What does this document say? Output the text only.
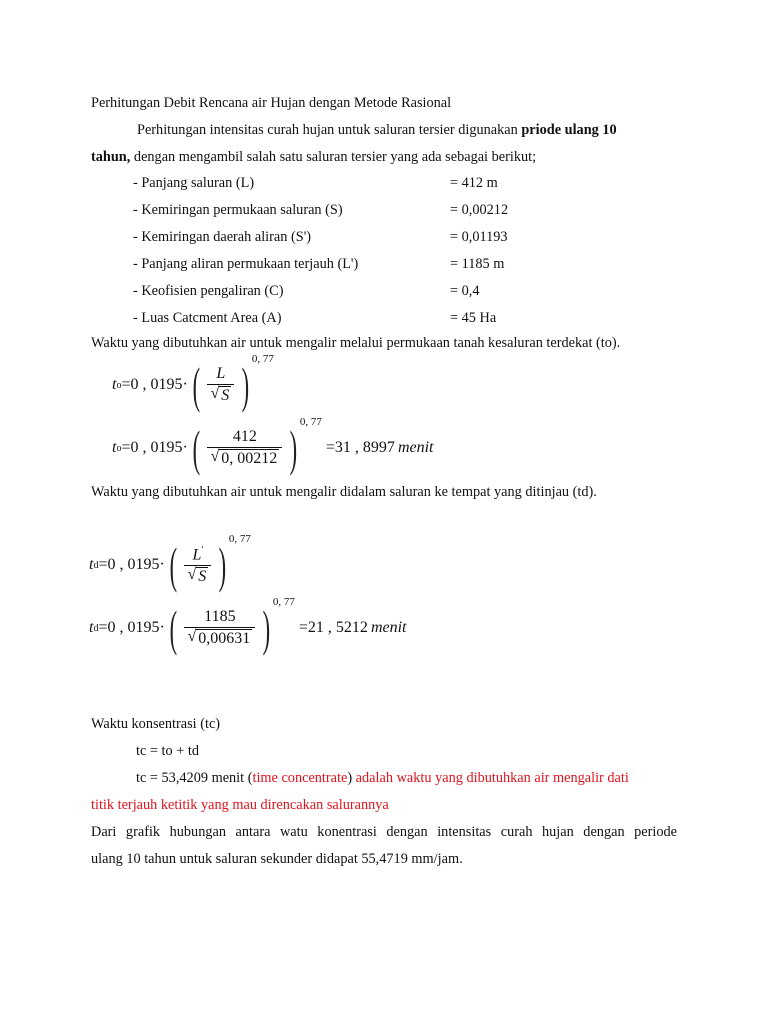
Perhitungan Debit Rencana air Hujan dengan Metode Rasional
Perhitungan intensitas curah hujan untuk saluran tersier digunakan priode ulang 10
tahun, dengan mengambil salah satu saluran tersier yang ada sebagai berikut;
- Panjang saluran (L)	= 412 m
- Kemiringan permukaan saluran (S)	= 0,00212
- Kemiringan daerah aliran (S')	= 0,01193
- Panjang aliran permukaan terjauh (L')	= 1185 m
- Keofisien pengaliran (C)	= 0,4
- Luas Catcment Area (A)	= 45 Ha
Waktu yang dibutuhkan air untuk mengalir melalui permukaan tanah kesaluran terdekat (to).
t o =0 , 0195· ( $\frac{L}{√ S}$ ) 0, 77
t o =0 , 0195· ( $\frac{412}{√ 0, 00212}$ ) 0, 77
=31 , 8997 menit
Waktu yang dibutuhkan air untuk mengalir didalam saluran ke tempat yang ditinjau (td).
t d =0 , 0195· ( $\frac{L'}{√ S}$ ) 0, 77
t d =0 , 0195· ( $\frac{1185}{√ 0,00631}$ ) 0, 77
=21 , 5212 menit
Waktu konsentrasi (tc)
tc = to + td
tc = 53,4209 menit (time concentrate) adalah waktu yang dibutuhkan air mengalir dati
titik terjauh ketitik yang mau direncakan salurannya
Dari grafik hubungan antara watu konentrasi dengan intensitas curah hujan dengan periode
ulang 10 tahun untuk saluran sekunder didapat 55,4719 mm/jam.
